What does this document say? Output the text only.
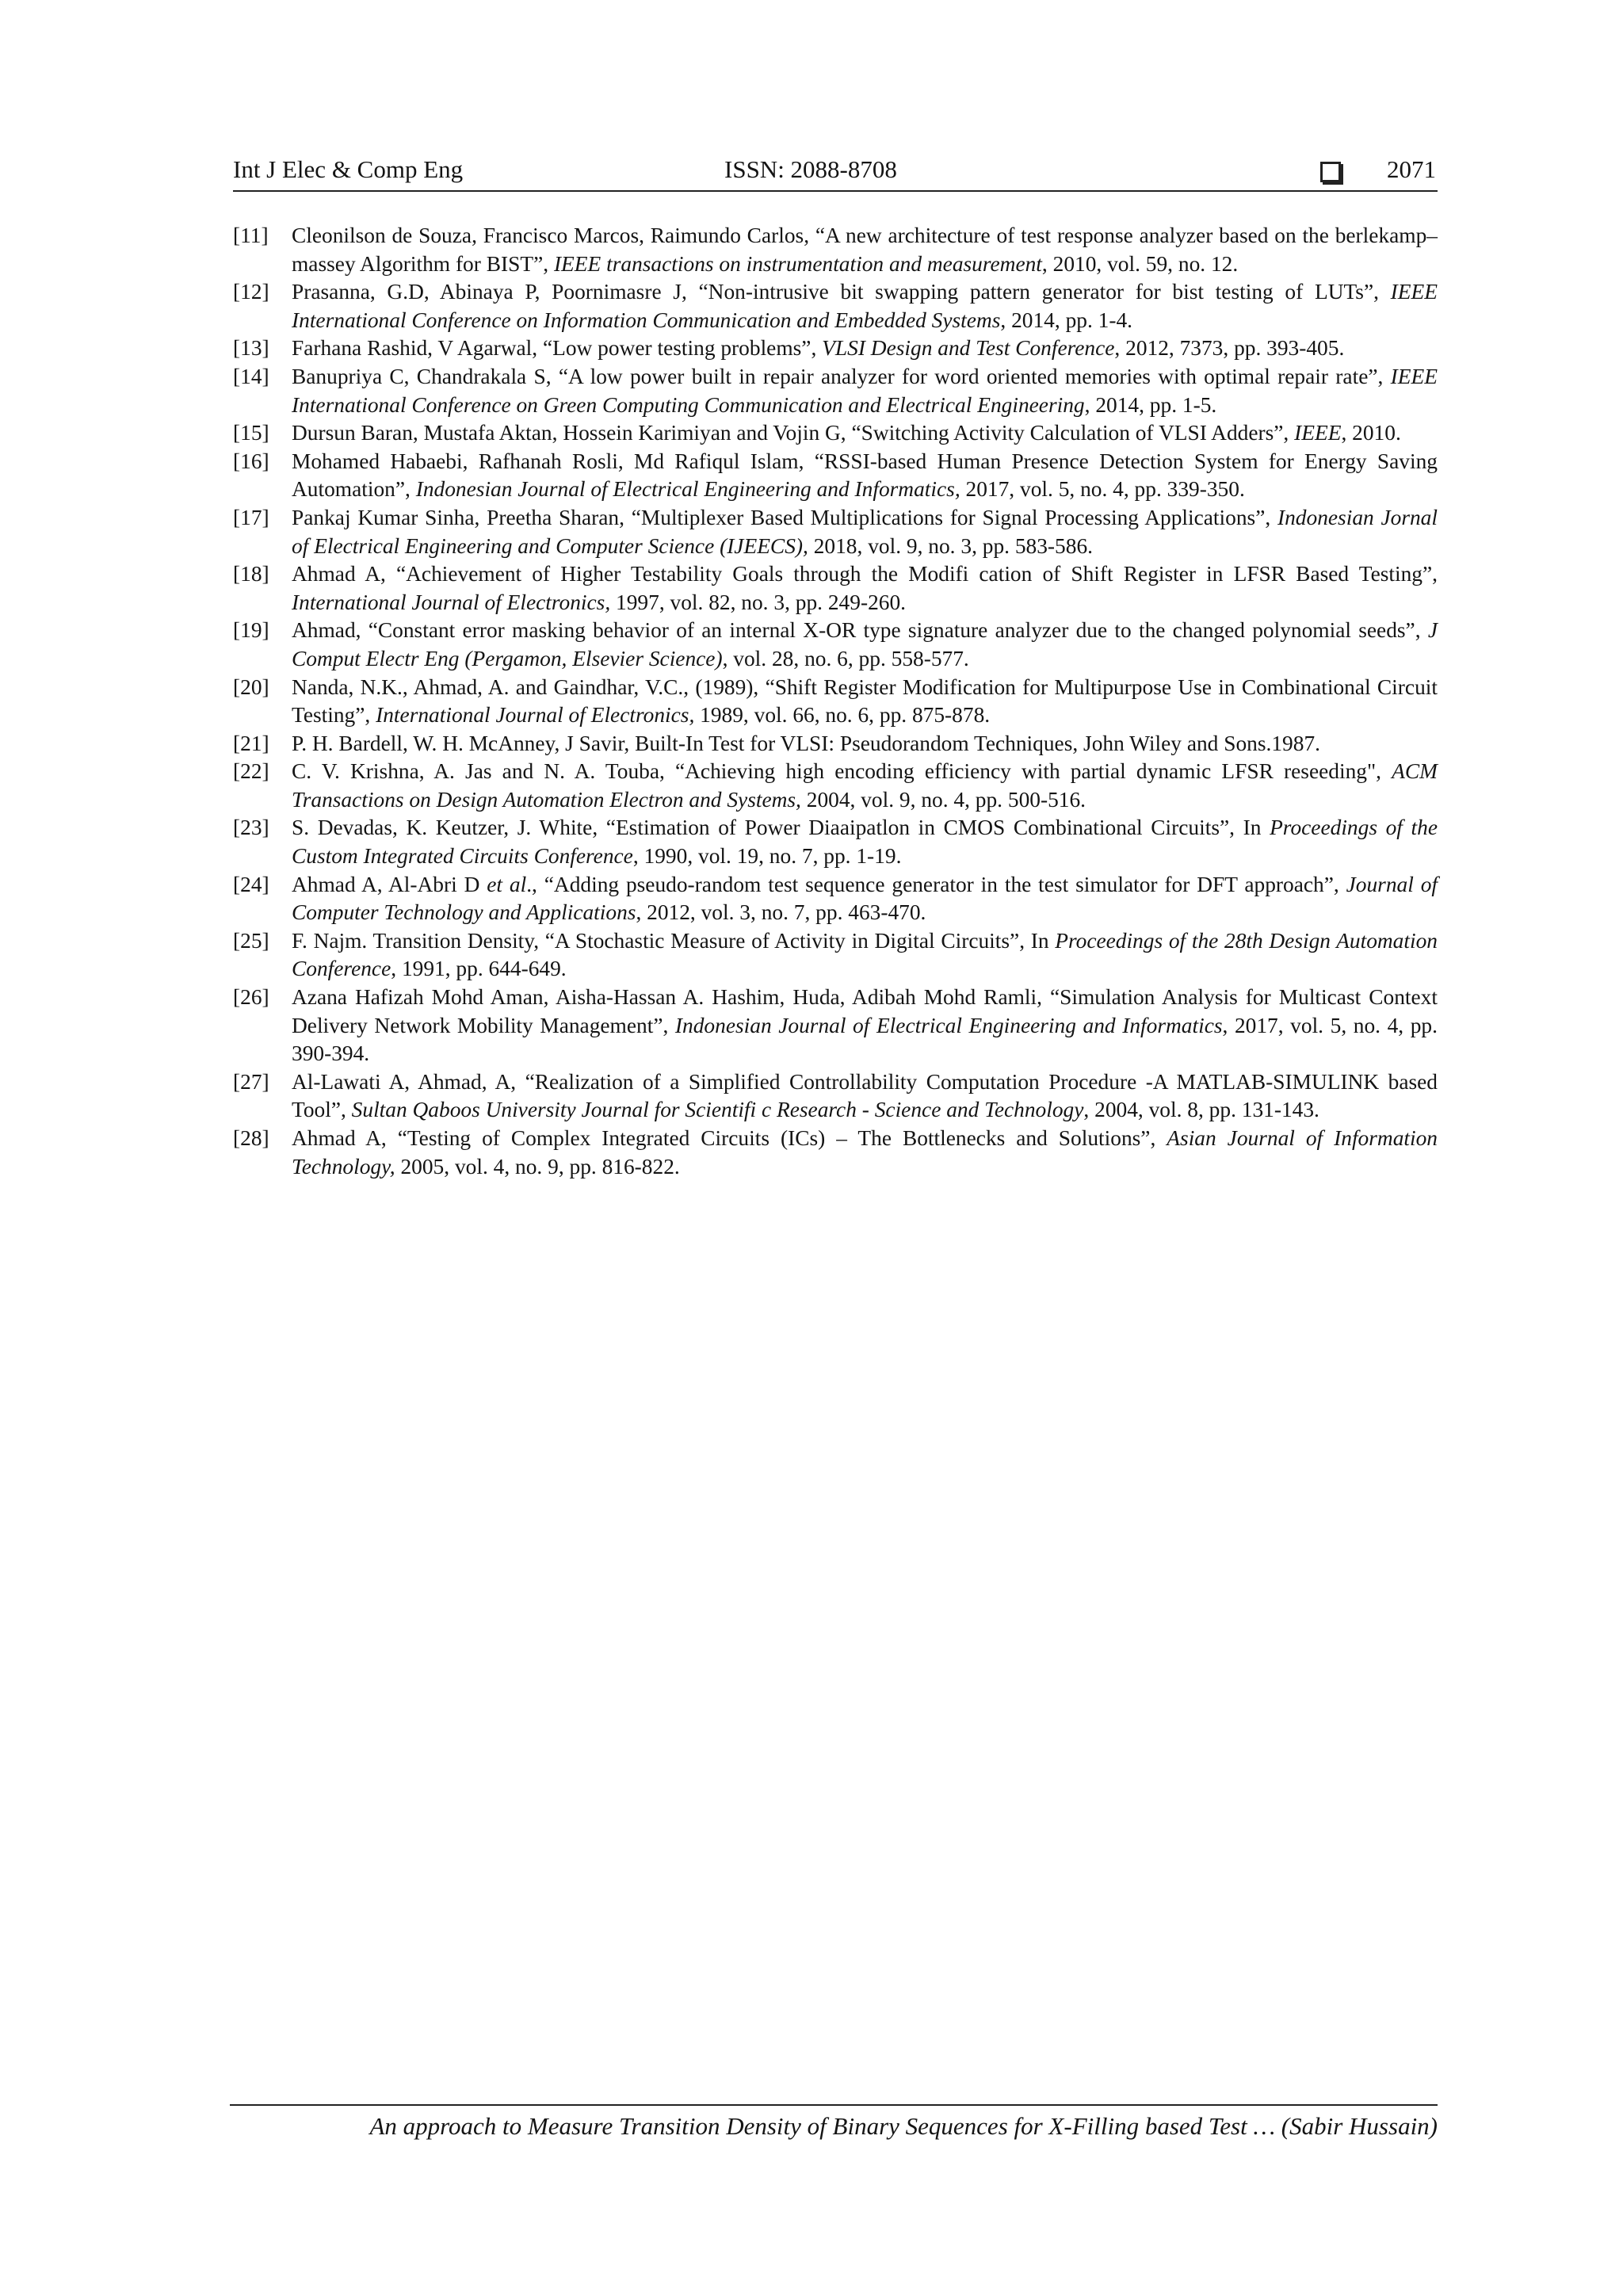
Int J Elec & Comp Eng	ISSN: 2088-8708	2071
[11] Cleonilson de Souza, Francisco Marcos, Raimundo Carlos, “A new architecture of test response analyzer based on the berlekamp–massey Algorithm for BIST”, IEEE transactions on instrumentation and measurement, 2010, vol. 59, no. 12.
[12] Prasanna, G.D, Abinaya P, Poornimasre J, “Non-intrusive bit swapping pattern generator for bist testing of LUTs”, IEEE International Conference on Information Communication and Embedded Systems, 2014, pp. 1-4.
[13] Farhana Rashid, V Agarwal, “Low power testing problems”, VLSI Design and Test Conference, 2012, 7373, pp. 393-405.
[14] Banupriya C, Chandrakala S, “A low power built in repair analyzer for word oriented memories with optimal repair rate”, IEEE International Conference on Green Computing Communication and Electrical Engineering, 2014, pp. 1-5.
[15] Dursun Baran, Mustafa Aktan, Hossein Karimiyan and Vojin G, “Switching Activity Calculation of VLSI Adders”, IEEE, 2010.
[16] Mohamed Habaebi, Rafhanah Rosli, Md Rafiqul Islam, “RSSI-based Human Presence Detection System for Energy Saving Automation”, Indonesian Journal of Electrical Engineering and Informatics, 2017, vol. 5, no. 4, pp. 339-350.
[17] Pankaj Kumar Sinha, Preetha Sharan, “Multiplexer Based Multiplications for Signal Processing Applications”, Indonesian Jornal of Electrical Engineering and Computer Science (IJEECS), 2018, vol. 9, no. 3, pp. 583-586.
[18] Ahmad A, “Achievement of Higher Testability Goals through the Modifi cation of Shift Register in LFSR Based Testing”, International Journal of Electronics, 1997, vol. 82, no. 3, pp. 249-260.
[19] Ahmad, “Constant error masking behavior of an internal X-OR type signature analyzer due to the changed polynomial seeds”, J Comput Electr Eng (Pergamon, Elsevier Science), vol. 28, no. 6, pp. 558-577.
[20] Nanda, N.K., Ahmad, A. and Gaindhar, V.C., (1989), “Shift Register Modification for Multipurpose Use in Combinational Circuit Testing”, International Journal of Electronics, 1989, vol. 66, no. 6, pp. 875-878.
[21] P. H. Bardell, W. H. McAnney, J Savir, Built-In Test for VLSI: Pseudorandom Techniques, John Wiley and Sons.1987.
[22] C. V. Krishna, A. Jas and N. A. Touba, “Achieving high encoding efficiency with partial dynamic LFSR reseeding", ACM Transactions on Design Automation Electron and Systems, 2004, vol. 9, no. 4, pp. 500-516.
[23] S. Devadas, K. Keutzer, J. White, “Estimation of Power Diaaipatlon in CMOS Combinational Circuits”, In Proceedings of the Custom Integrated Circuits Conference, 1990, vol. 19, no. 7, pp. 1-19.
[24] Ahmad A, Al-Abri D et al., “Adding pseudo-random test sequence generator in the test simulator for DFT approach”, Journal of Computer Technology and Applications, 2012, vol. 3, no. 7, pp. 463-470.
[25] F. Najm. Transition Density, “A Stochastic Measure of Activity in Digital Circuits”, In Proceedings of the 28th Design Automation Conference, 1991, pp. 644-649.
[26] Azana Hafizah Mohd Aman, Aisha-Hassan A. Hashim, Huda, Adibah Mohd Ramli, “Simulation Analysis for Multicast Context Delivery Network Mobility Management”, Indonesian Journal of Electrical Engineering and Informatics, 2017, vol. 5, no. 4, pp. 390-394.
[27] Al-Lawati A, Ahmad, A, “Realization of a Simplified Controllability Computation Procedure -A MATLAB-SIMULINK based Tool”, Sultan Qaboos University Journal for Scientifi c Research - Science and Technology, 2004, vol. 8, pp. 131-143.
[28] Ahmad A, “Testing of Complex Integrated Circuits (ICs) – The Bottlenecks and Solutions”, Asian Journal of Information Technology, 2005, vol. 4, no. 9, pp. 816-822.
An approach to Measure Transition Density of Binary Sequences for X-Filling based Test … (Sabir Hussain)
